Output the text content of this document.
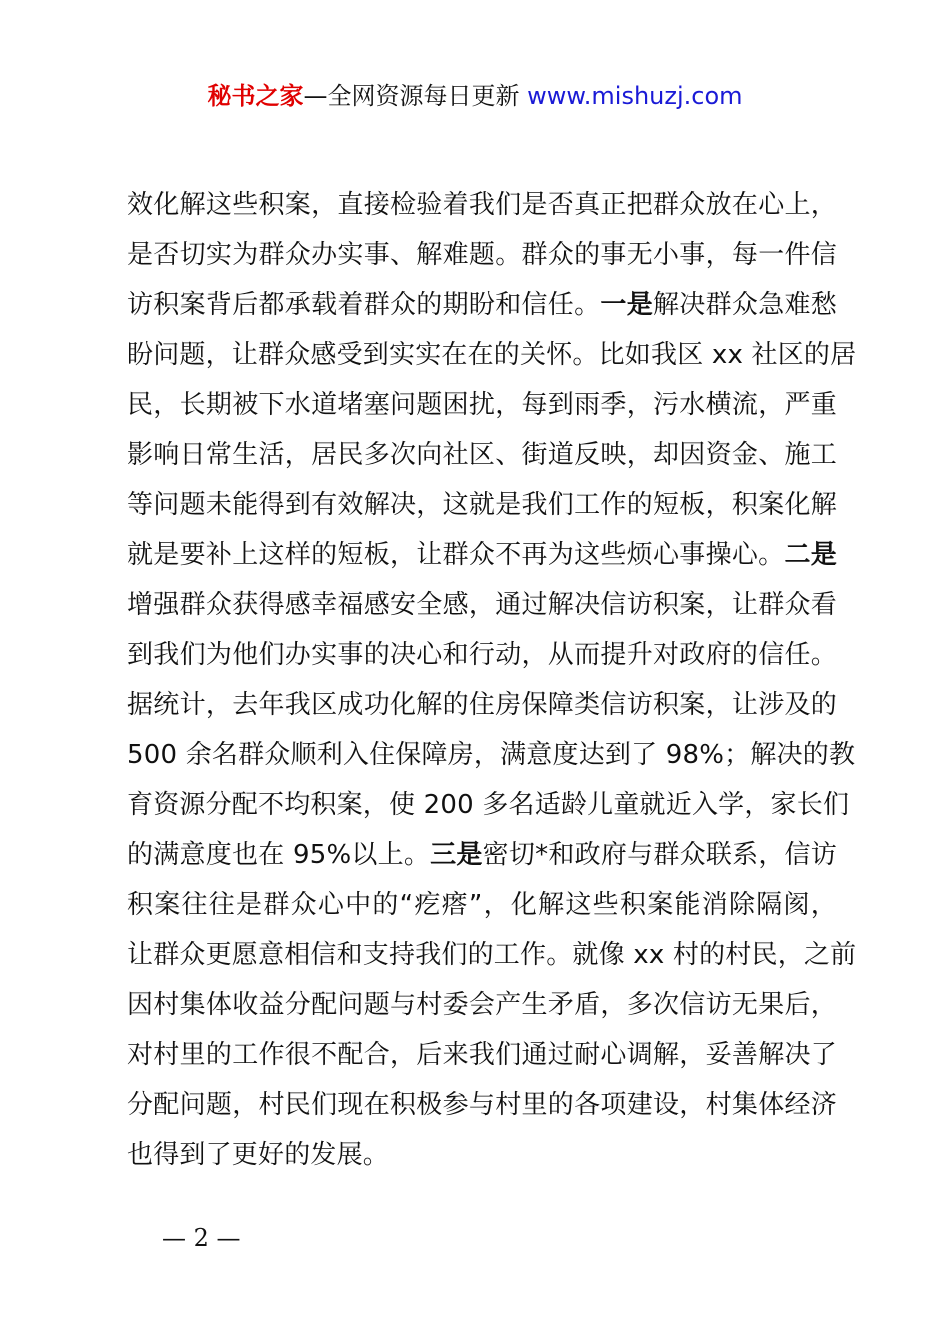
秘书之家—全网资源每日更新 www.mishuzj.com
效化解这些积案，直接检验着我们是否真正把群众放在心上，
是否切实为群众办实事、解难题。群众的事无小事，每一件信
访积案背后都承载着群众的期盼和信任。一是解决群众急难愁
盼问题，让群众感受到实实在在的关怀。比如我区 xx 社区的居
民，长期被下水道堵塞问题困扰，每到雨季，污水横流，严重
影响日常生活，居民多次向社区、街道反映，却因资金、施工
等问题未能得到有效解决，这就是我们工作的短板，积案化解
就是要补上这样的短板，让群众不再为这些烦心事操心。二是
增强群众获得感幸福感安全感，通过解决信访积案，让群众看
到我们为他们办实事的决心和行动，从而提升对政府的信任。
据统计，去年我区成功化解的住房保障类信访积案，让涉及的
500 余名群众顺利入住保障房，满意度达到了 98%；解决的教
育资源分配不均积案，使 200 多名适龄儿童就近入学，家长们
的满意度也在 95%以上。三是密切*和政府与群众联系，信访
积案往往是群众心中的“疙瘩”，化解这些积案能消除隔阂，
让群众更愿意相信和支持我们的工作。就像 xx 村的村民，之前
因村集体收益分配问题与村委会产生矛盾，多次信访无果后，
对村里的工作很不配合，后来我们通过耐心调解，妥善解决了
分配问题，村民们现在积极参与村里的各项建设，村集体经济
也得到了更好的发展。
— 2 —
